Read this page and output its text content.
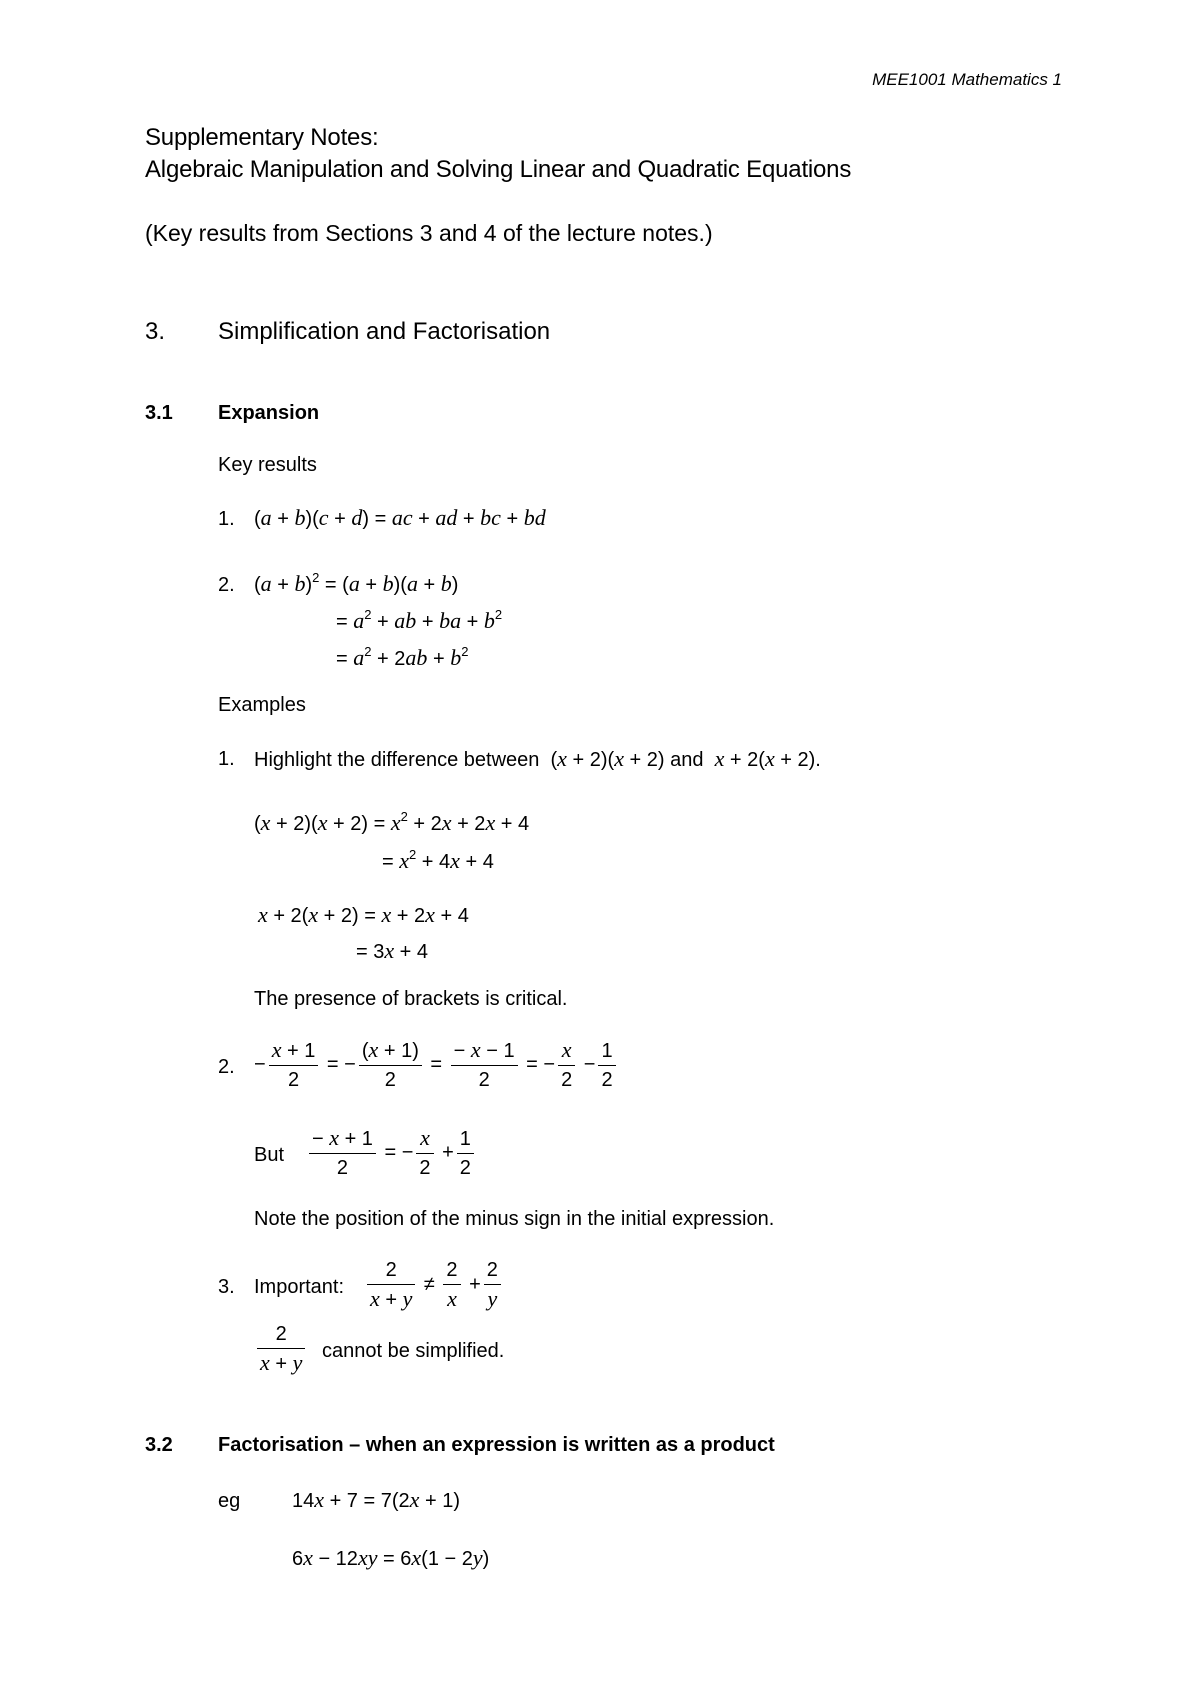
MEE1001 Mathematics 1
Supplementary Notes:
Algebraic Manipulation and Solving Linear and Quadratic Equations
(Key results from Sections 3 and 4 of the lecture notes.)
3. Simplification and Factorisation
3.1 Expansion
Key results
1. (a + b)(c + d) = ac + ad + bc + bd
2. $(a + b)^2 = (a + b)(a + b)$
= $a^2$ + ab + ba + $b^2$
= $a^2 + 2ab + b^2$
Examples
1. Highlight the difference between  (x + 2)(x + 2) and x + 2(x + 2).
$(x + 2)(x + 2) = x^2 + 2x + 2x + 4$
= $x^2 + 4x + 4$
x + 2(x + 2) = x + 2x + 4
= 3x + 4
The presence of brackets is critical.
2. − $\frac{x + 1}{2}$ = − $\frac{(x + 1)}{2} = \frac{- x - 1}{2}$ = − $\frac{x}{2} - \frac{1}{2}$
But $\frac{- x + 1}{2}$ = − $\frac{x}{2} + \frac{1}{2}$
Note the position of the minus sign in the initial expression.
3. Important: $\frac{2}{x + y} \ne \frac{2}{x} + \frac{2}{y}$
$\frac{2}{x + y}$ cannot be simplified.
3.2 Factorisation – when an expression is written as a product
eg	14x + 7 = 7(2x + 1)
6x − 12xy = 6x(1 − 2y)
